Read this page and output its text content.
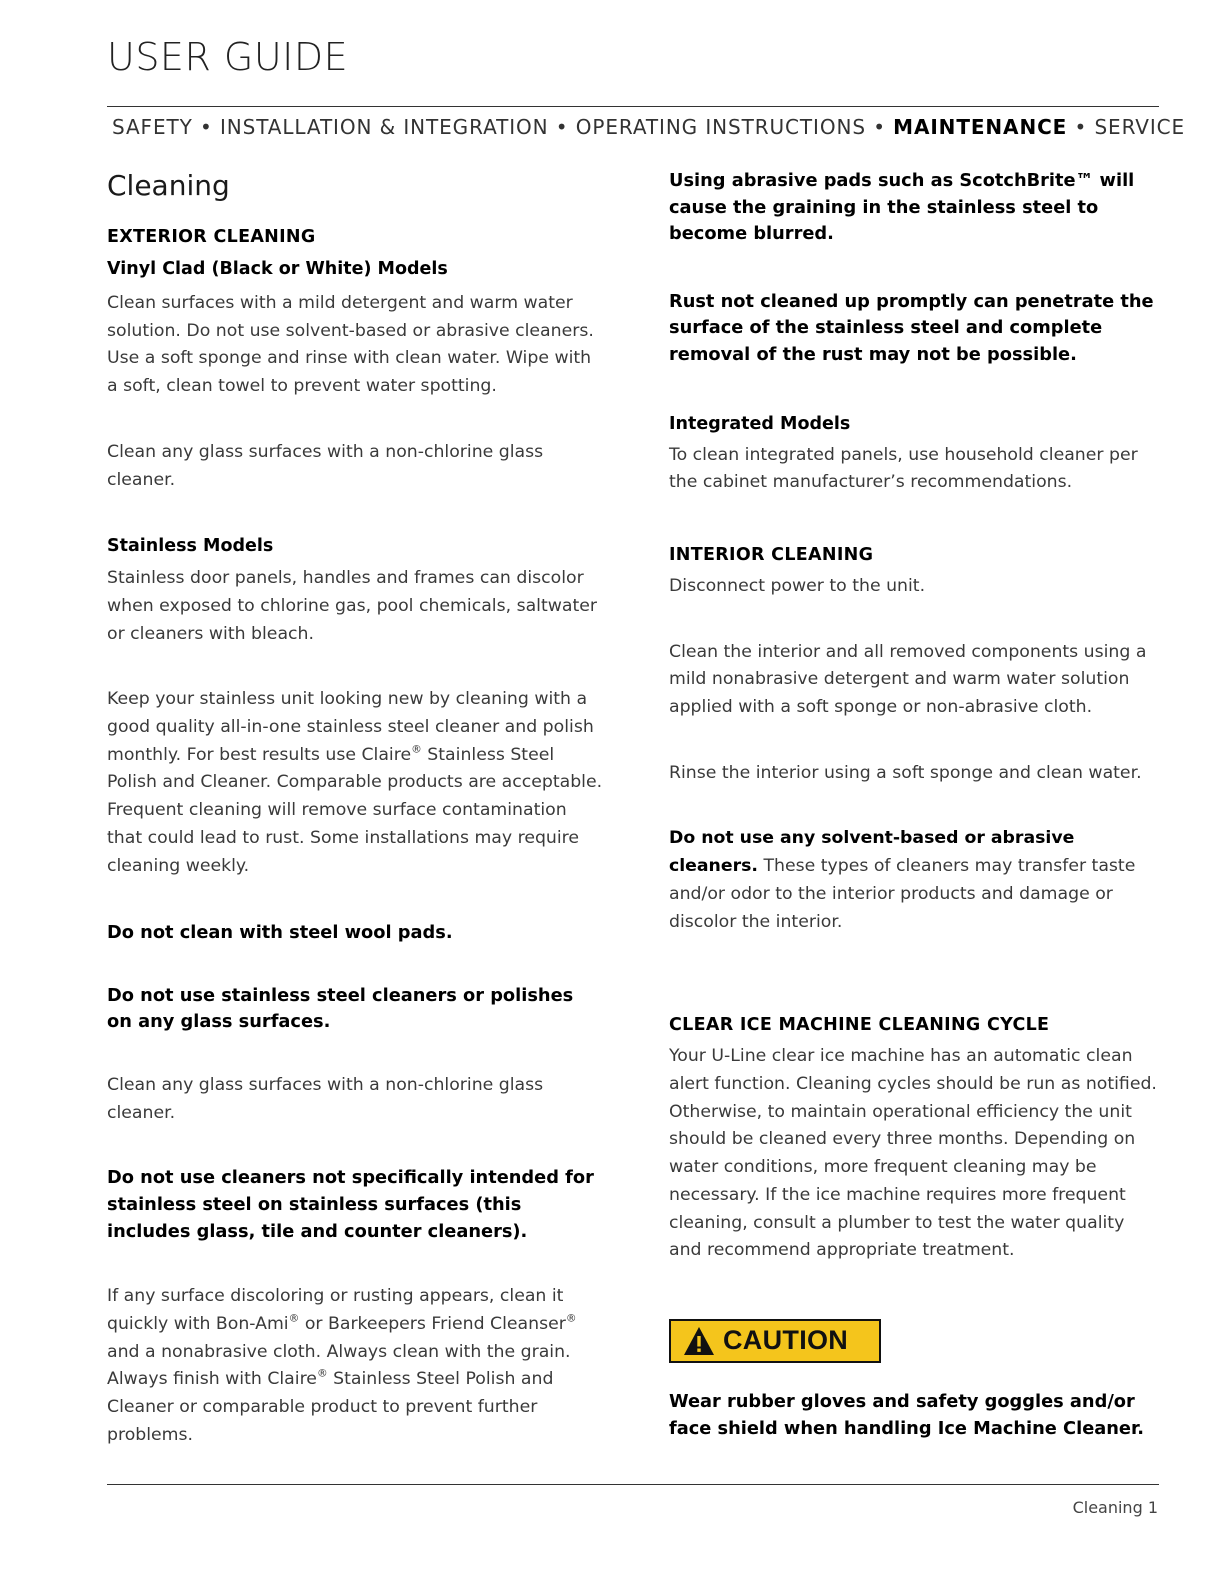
USER GUIDE
SAFETY • INSTALLATION & INTEGRATION • OPERATING INSTRUCTIONS • MAINTENANCE • SERVICE
Cleaning
EXTERIOR CLEANING
Vinyl Clad (Black or White) Models

Clean surfaces with a mild detergent and warm water solution. Do not use solvent-based or abrasive cleaners. Use a soft sponge and rinse with clean water. Wipe with a soft, clean towel to prevent water spotting.

Clean any glass surfaces with a non-chlorine glass cleaner.

Stainless Models

Stainless door panels, handles and frames can discolor when exposed to chlorine gas, pool chemicals, saltwater or cleaners with bleach.

Keep your stainless unit looking new by cleaning with a good quality all-in-one stainless steel cleaner and polish monthly. For best results use Claire® Stainless Steel Polish and Cleaner. Comparable products are acceptable. Frequent cleaning will remove surface contamination that could lead to rust. Some installations may require cleaning weekly.

Do not clean with steel wool pads.

Do not use stainless steel cleaners or polishes on any glass surfaces.

Clean any glass surfaces with a non-chlorine glass cleaner.

Do not use cleaners not specifically intended for stainless steel on stainless surfaces (this includes glass, tile and counter cleaners).

If any surface discoloring or rusting appears, clean it quickly with Bon-Ami® or Barkeepers Friend Cleanser® and a nonabrasive cloth. Always clean with the grain. Always finish with Claire® Stainless Steel Polish and Cleaner or comparable product to prevent further problems.

Using abrasive pads such as ScotchBrite™ will cause the graining in the stainless steel to become blurred.

Rust not cleaned up promptly can penetrate the surface of the stainless steel and complete removal of the rust may not be possible.

Integrated Models

To clean integrated panels, use household cleaner per the cabinet manufacturer’s recommendations.

INTERIOR CLEANING

Disconnect power to the unit.

Clean the interior and all removed components using a mild nonabrasive detergent and warm water solution applied with a soft sponge or non-abrasive cloth.

Rinse the interior using a soft sponge and clean water.

Do not use any solvent-based or abrasive cleaners. These types of cleaners may transfer taste and/or odor to the interior products and damage or discolor the interior.

CLEAR ICE MACHINE CLEANING CYCLE

Your U-Line clear ice machine has an automatic clean alert function. Cleaning cycles should be run as notified. Otherwise, to maintain operational efficiency the unit should be cleaned every three months. Depending on water conditions, more frequent cleaning may be necessary. If the ice machine requires more frequent cleaning, consult a plumber to test the water quality and recommend appropriate treatment.

CAUTION

Wear rubber gloves and safety goggles and/or face shield when handling Ice Machine Cleaner.

Cleaning 1
